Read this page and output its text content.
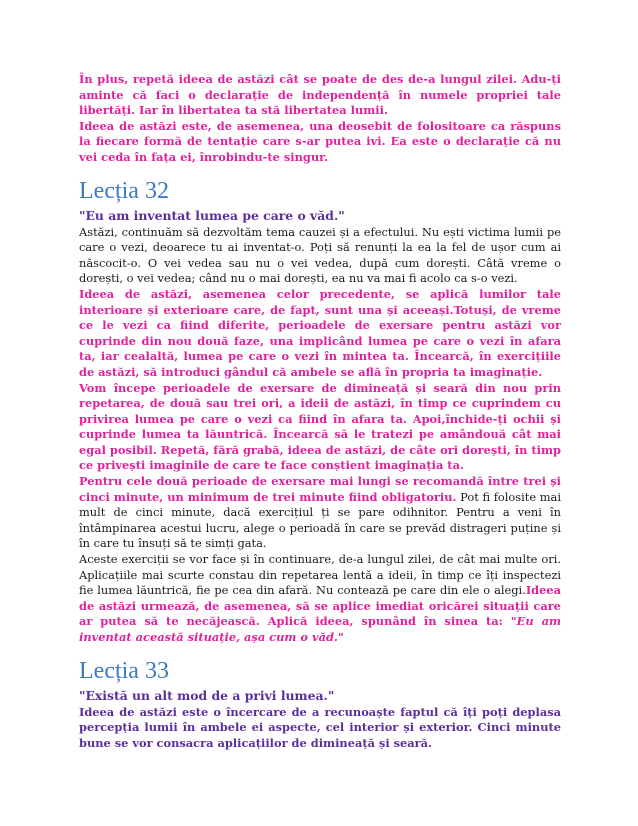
În plus, repetă ideea de astăzi cât se poate de des de-a lungul zilei. Adu-ți aminte că faci o declarație de independență în numele propriei tale libertăți. Iar în libertatea ta stă libertatea lumii.

Ideea de astăzi este, de asemenea, una deosebit de folositoare ca răspuns la fiecare formă de tentație care s-ar putea ivi. Ea este o declarație că nu vei ceda în fața ei, înrobindu-te singur.

Lecția 32

"Eu am inventat lumea pe care o văd."

Astăzi, continuăm să dezvoltăm tema cauzei și a efectului. Nu ești victima lumii pe care o vezi, deoarece tu ai inventat-o. Poți să renunți la ea la fel de ușor cum ai născocit-o. O vei vedea sau nu o vei vedea, după cum dorești. Câtă vreme o dorești, o vei vedea; când nu o mai dorești, ea nu va mai fi acolo ca s-o vezi.

Ideea de astăzi, asemenea celor precedente, se aplică lumilor tale interioare și exterioare care, de fapt, sunt una și aceeași.Totuși, de vreme ce le vezi ca fiind diferite, perioadele de exersare pentru astăzi vor cuprinde din nou două faze, una implicând lumea pe care o vezi în afara ta, iar cealaltă, lumea pe care o vezi în mintea ta. Încearcă, în exercițiile de astăzi, să introduci gândul că ambele se află în propria ta imaginație.

Vom începe perioadele de exersare de dimineață și seară din nou prin repetarea, de două sau trei ori, a ideii de astăzi, în timp ce cuprindem cu privirea lumea pe care o vezi ca fiind în afara ta. Apoi,închide-ți ochii și cuprinde lumea ta lăuntrică. Încearcă să le tratezi pe amândouă cât mai egal posibil. Repetă, fără grabă, ideea de astăzi, de câte ori dorești, în timp ce privești imaginile de care te face conștient imaginația ta.

Pentru cele două perioade de exersare mai lungi se recomandă între trei și cinci minute, un minimum de trei minute fiind obligatoriu. Pot fi folosite mai mult de cinci minute, dacă exercițiul ți se pare odihnitor. Pentru a veni în întâmpinarea acestui lucru, alege o perioadă în care se prevăd distrageri puține și în care tu însuți să te simți gata.

Aceste exerciții se vor face și în continuare, de-a lungul zilei, de cât mai multe ori. Aplicațiile mai scurte constau din repetarea lentă a ideii, în timp ce îți inspectezi fie lumea lăuntrică, fie pe cea din afară. Nu contează pe care din ele o alegi.Ideea de astăzi urmează, de asemenea, să se aplice imediat oricărei situații care ar putea să te necăjească. Aplică ideea, spunând în sinea ta: "Eu am inventat această situație, așa cum o văd."

Lecția 33

"Există un alt mod de a privi lumea."

Ideea de astăzi este o încercare de a recunoaște faptul că îți poți deplasa percepția lumii în ambele ei aspecte, cel interior și exterior. Cinci minute bune se vor consacra aplicațiilor de dimineață și seară.
